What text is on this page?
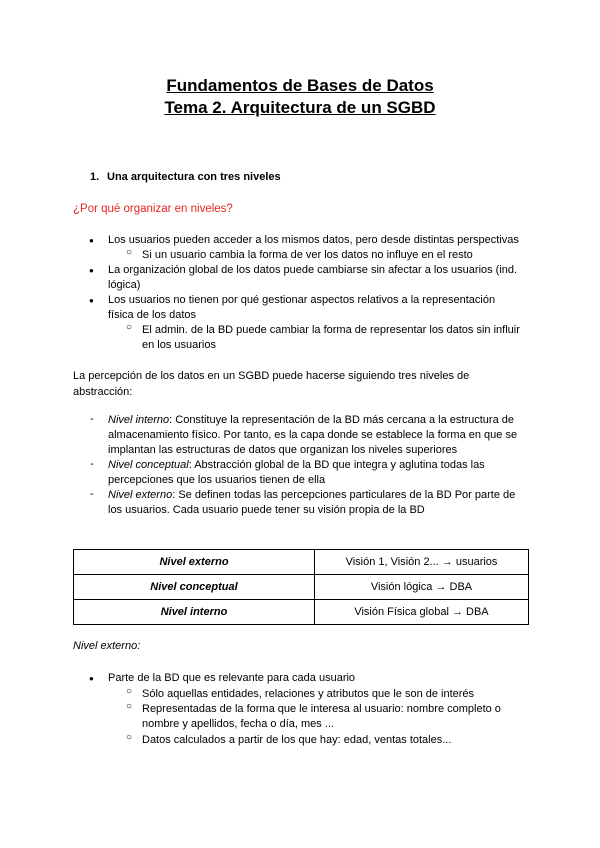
Fundamentos de Bases de Datos
Tema 2. Arquitectura de un SGBD
1. Una arquitectura con tres niveles
¿Por qué organizar en niveles?
● Los usuarios pueden acceder a los mismos datos, pero desde distintas perspectivas
○ Si un usuario cambia la forma de ver los datos no influye en el resto
● La organización global de los datos puede cambiarse sin afectar a los usuarios (ind.
lógica)
● Los usuarios no tienen por qué gestionar aspectos relativos a la representación
física de los datos
○ El admin. de la BD puede cambiar la forma de representar los datos sin influir
en los usuarios
La percepción de los datos en un SGBD puede hacerse siguiendo tres niveles de abstracción:
- Nivel interno: Constituye la representación de la BD más cercana a la estructura de
almacenamiento físico. Por tanto, es la capa donde se establece la forma en que se
implantan las estructuras de datos que organizan los niveles superiores
- Nivel conceptual: Abstracción global de la BD que integra y aglutina todas las
percepciones que los usuarios tienen de ella
- Nivel externo: Se definen todas las percepciones particulares de la BD Por parte de
los usuarios. Cada usuario puede tener su visión propia de la BD
Nivel externo	Visión 1, Visión 2... → usuarios
Nivel conceptual	Visión lógica → DBA
Nivel interno	Visión Física global → DBA
Nivel externo:
● Parte de la BD que es relevante para cada usuario
○ Sólo aquellas entidades, relaciones y atributos que le son de interés
○ Representadas de la forma que le interesa al usuario: nombre completo o
nombre y apellidos, fecha o día, mes ...
○ Datos calculados a partir de los que hay: edad, ventas totales...
